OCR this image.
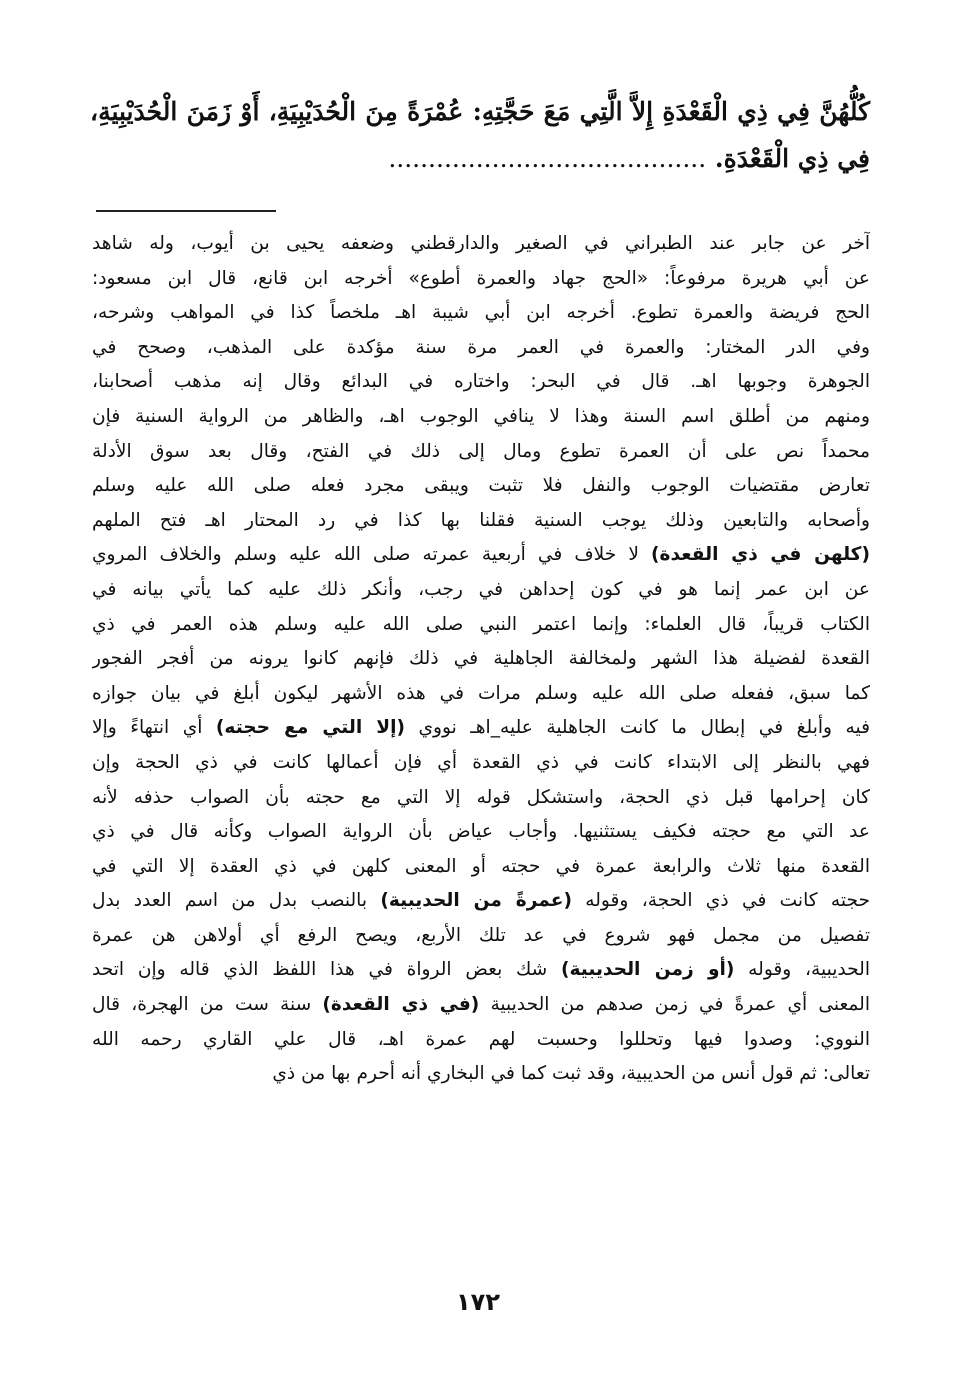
كُلُّهُنَّ فِي ذِي الْقَعْدَةِ إِلاَّ الَّتِي مَعَ حَجَّتِهِ: عُمْرَةً مِنَ الْحُدَيْبِيَةِ، أَوْ زَمَنَ الْحُدَيْبِيَةِ، فِي ذِي الْقَعْدَةِ. ........................................
آخر عن جابر عند الطبراني في الصغير والدارقطني وضعفه يحيى بن أيوب، وله شاهد
عن أبي هريرة مرفوعاً: «الحج جهاد والعمرة أطوع» أخرجه ابن قانع، قال ابن مسعود:
الحج فريضة والعمرة تطوع. أخرجه ابن أبي شيبة اهـ ملخصاً كذا في المواهب وشرحه،
وفي الدر المختار: والعمرة في العمر مرة سنة مؤكدة على المذهب، وصحح في
الجوهرة وجوبها اهـ. قال في البحر: واختاره في البدائع وقال إنه مذهب أصحابنا،
ومنهم من أطلق اسم السنة وهذا لا ينافي الوجوب اهـ، والظاهر من الرواية السنية فإن
محمداً نص على أن العمرة تطوع ومال إلى ذلك في الفتح، وقال بعد سوق الأدلة
تعارض مقتضيات الوجوب والنفل فلا تثبت ويبقى مجرد فعله صلى الله عليه وسلم
وأصحابه والتابعين وذلك يوجب السنية فقلنا بها كذا في رد المحتار اهـ فتح الملهم
(كلهن في ذي القعدة) لا خلاف في أربعية عمرته صلى الله عليه وسلم والخلاف المروي
عن ابن عمر إنما هو في كون إحداهن في رجب، وأنكر ذلك عليه كما يأتي بيانه في
الكتاب قريباً، قال العلماء: وإنما اعتمر النبي صلى الله عليه وسلم هذه العمر في ذي
القعدة لفضيلة هذا الشهر ولمخالفة الجاهلية في ذلك فإنهم كانوا يرونه من أفجر الفجور
كما سبق، ففعله صلى الله عليه وسلم مرات في هذه الأشهر ليكون أبلغ في بيان جوازه
فيه وأبلغ في إبطال ما كانت الجاهلية عليه_اهـ نووي (إلا التي مع حجته) أي انتهاءً وإلا
فهي بالنظر إلى الابتداء كانت في ذي القعدة أي فإن أعمالها كانت في ذي الحجة وإن
كان إحرامها قبل ذي الحجة، واستشكل قوله إلا التي مع حجته بأن الصواب حذفه لأنه
عد التي مع حجته فكيف يستثنيها. وأجاب عياض بأن الرواية الصواب وكأنه قال في ذي
القعدة منها ثلاث والرابعة عمرة في حجته أو المعنى كلهن في ذي العقدة إلا التي في
حجته كانت في ذي الحجة، وقوله (عمرةً من الحديبية) بالنصب بدل من اسم العدد بدل
تفصيل من مجمل فهو شروع في عد تلك الأربع، ويصح الرفع أي أولاهن هن عمرة
الحديبية، وقوله (أو زمن الحديبية) شك بعض الرواة في هذا اللفظ الذي قاله وإن اتحد
المعنى أي عمرةً في زمن صدهم من الحديبية (في ذي القعدة) سنة ست من الهجرة، قال
النووي: وصدوا فيها وتحللوا وحسبت لهم عمرة اهـ، قال علي القاري رحمه الله
تعالى: ثم قول أنس من الحديبية، وقد ثبت كما في البخاري أنه أحرم بها من ذي
١٧٢
